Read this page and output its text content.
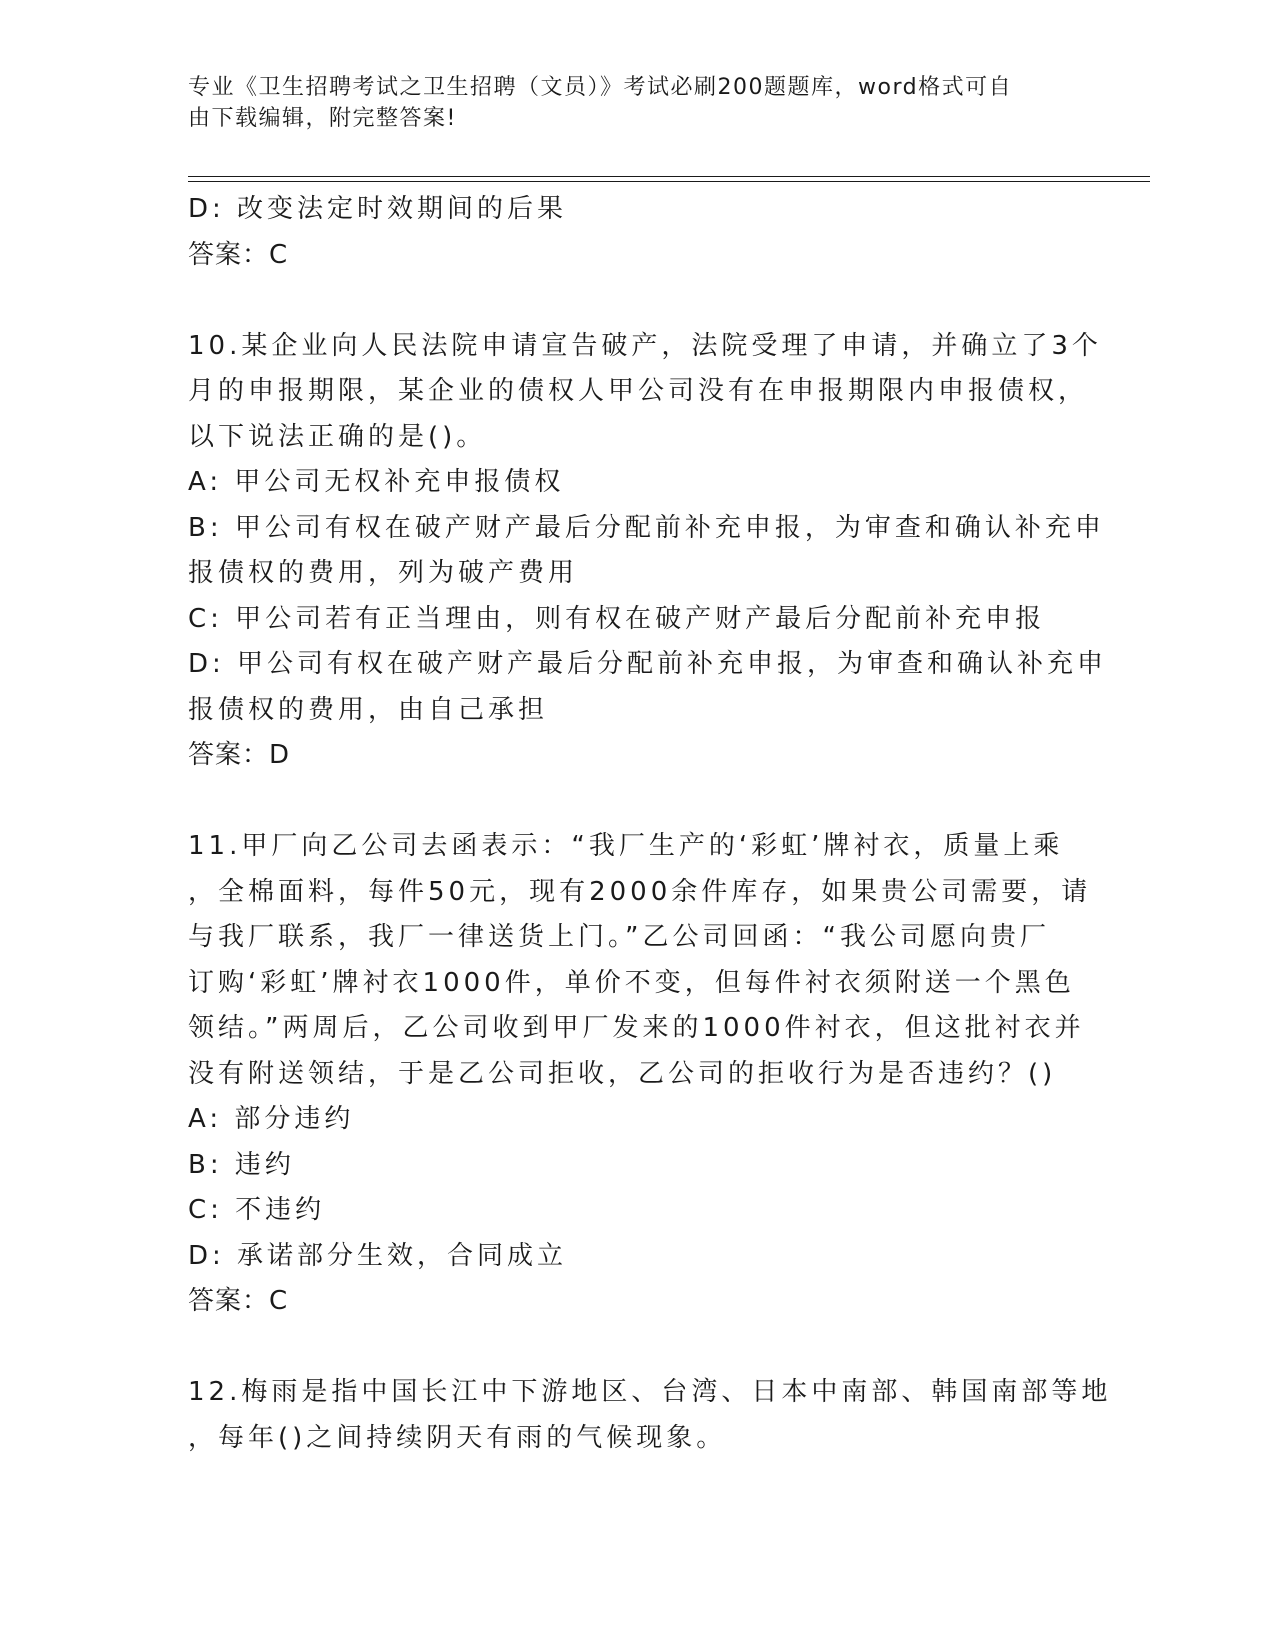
专业《卫生招聘考试之卫生招聘（文员）》考试必刷200题题库，word格式可自
由下载编辑，附完整答案!
D: 改变法定时效期间的后果
答案：C
10.某企业向人民法院申请宣告破产，法院受理了申请，并确立了3个
月的申报期限，某企业的债权人甲公司没有在申报期限内申报债权，
以下说法正确的是()。
A: 甲公司无权补充申报债权
B: 甲公司有权在破产财产最后分配前补充申报，为审查和确认补充申
报债权的费用，列为破产费用
C: 甲公司若有正当理由，则有权在破产财产最后分配前补充申报
D: 甲公司有权在破产财产最后分配前补充申报，为审查和确认补充申
报债权的费用，由自己承担
答案：D
11.甲厂向乙公司去函表示：“我厂生产的‘彩虹’牌衬衣，质量上乘
，全棉面料，每件50元，现有2000余件库存，如果贵公司需要，请
与我厂联系，我厂一律送货上门。”乙公司回函：“我公司愿向贵厂
订购‘彩虹’牌衬衣1000件，单价不变，但每件衬衣须附送一个黑色
领结。”两周后，乙公司收到甲厂发来的1000件衬衣，但这批衬衣并
没有附送领结，于是乙公司拒收，乙公司的拒收行为是否违约？()
A: 部分违约
B: 违约
C: 不违约
D: 承诺部分生效，合同成立
答案：C
12.梅雨是指中国长江中下游地区、台湾、日本中南部、韩国南部等地
，每年()之间持续阴天有雨的气候现象。
